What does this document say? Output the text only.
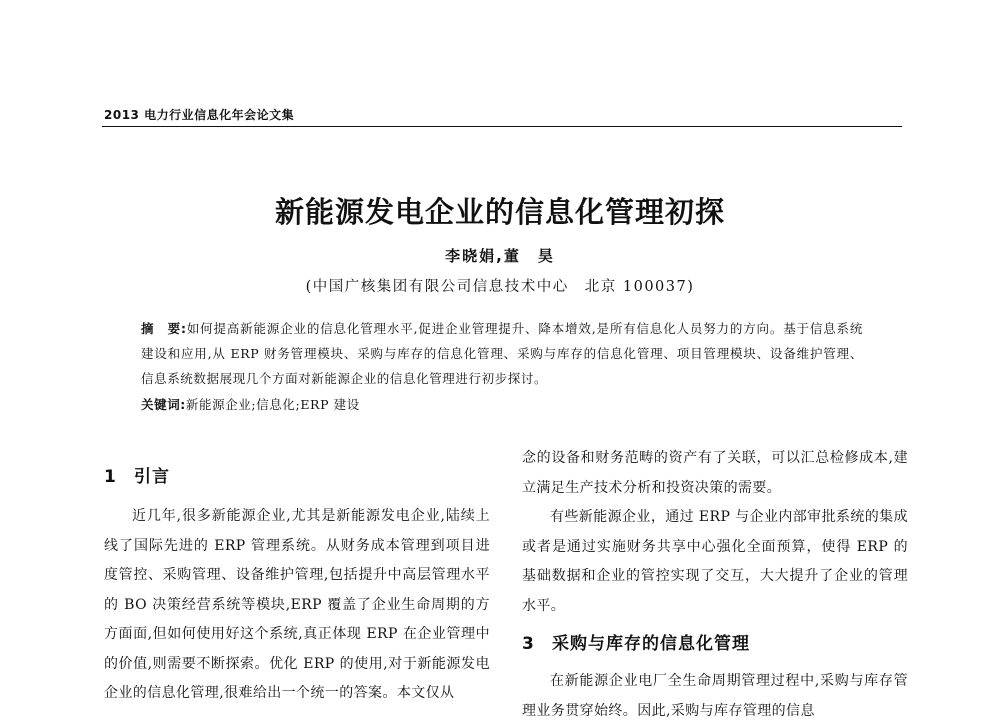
2013 电力行业信息化年会论文集
新能源发电企业的信息化管理初探
李晓娟,董　昊
(中国广核集团有限公司信息技术中心　北京 100037)
摘　要:如何提高新能源企业的信息化管理水平,促进企业管理提升、降本增效,是所有信息化人员努力的方向。基于信息系统建设和应用,从 ERP 财务管理模块、采购与库存的信息化管理、采购与库存的信息化管理、项目管理模块、设备维护管理、信息系统数据展现几个方面对新能源企业的信息化管理进行初步探讨。
关键词:新能源企业;信息化;ERP 建设
1 引言

近几年,很多新能源企业,尤其是新能源发电企业,陆续上线了国际先进的 ERP 管理系统。从财务成本管理到项目进度管控、采购管理、设备维护管理,包括提升中高层管理水平的 BO 决策经营系统等模块,ERP 覆盖了企业生命周期的方方面面,但如何使用好这个系统,真正体现 ERP 在企业管理中的价值,则需要不断探索。优化 ERP 的使用,对于新能源发电企业的信息化管理,很难给出一个统一的答案。本文仅从

念的设备和财务范畴的资产有了关联，可以汇总检修成本,建立满足生产技术分析和投资决策的需要。

有些新能源企业，通过 ERP 与企业内部审批系统的集成或者是通过实施财务共享中心强化全面预算，使得 ERP 的基础数据和企业的管控实现了交互，大大提升了企业的管理水平。

3 采购与库存的信息化管理

在新能源企业电厂全生命周期管理过程中,采购与库存管理业务贯穿始终。因此,采购与库存管理的信息
